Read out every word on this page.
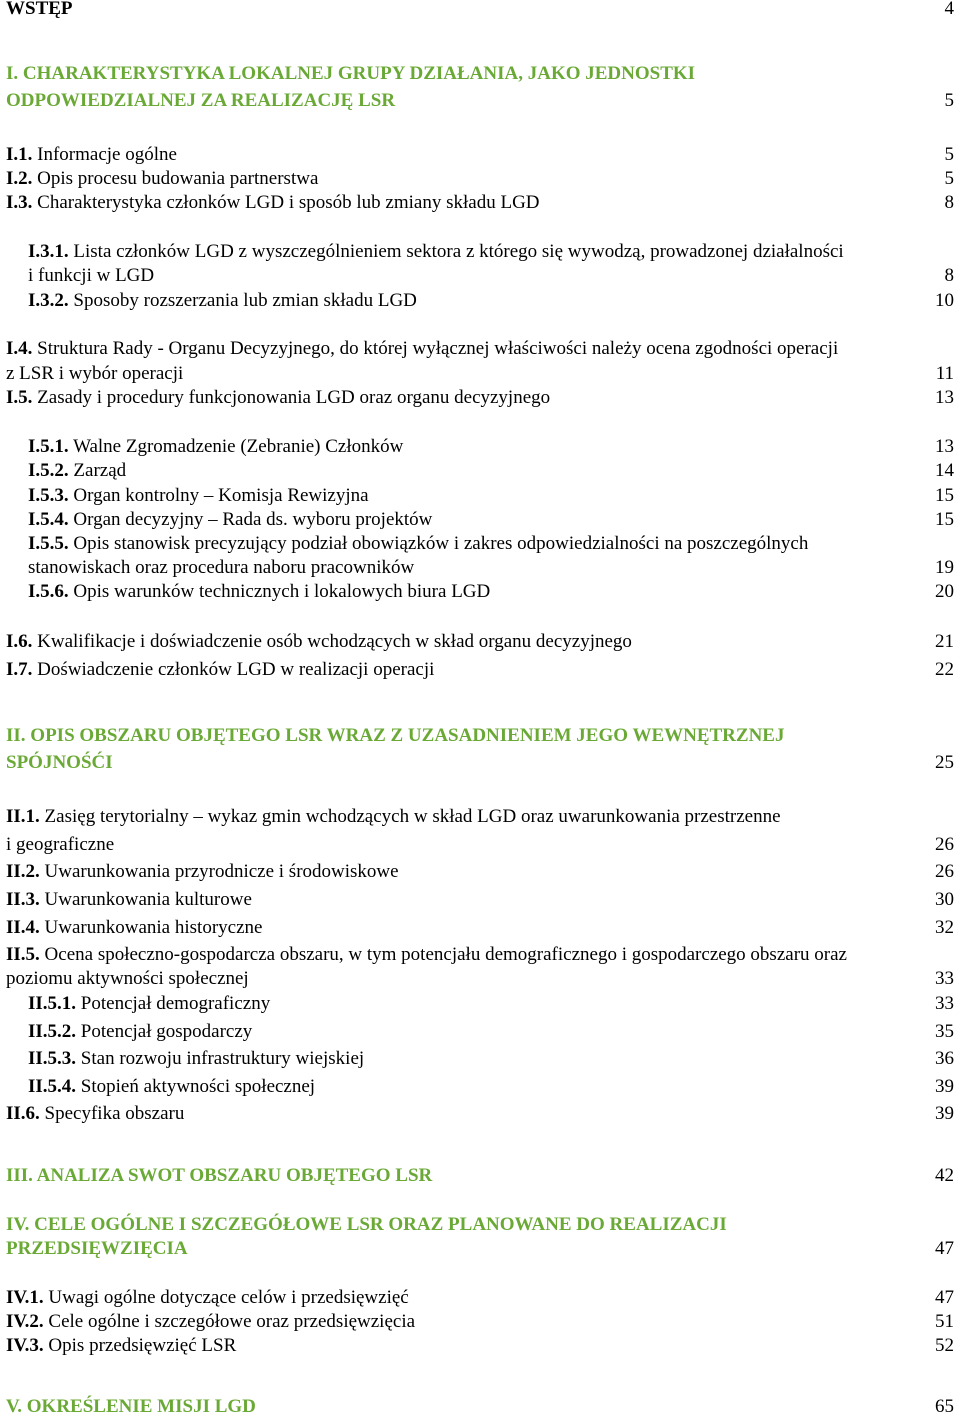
WSTĘP	4
I. CHARAKTERYSTYKA LOKALNEJ GRUPY DZIAŁANIA, JAKO JEDNOSTKI
ODPOWIEDZIALNEJ ZA REALIZACJĘ LSR	5
I.1. Informacje ogólne	5
I.2. Opis procesu budowania partnerstwa	5
I.3. Charakterystyka członków LGD i sposób lub zmiany składu LGD	8
I.3.1. Lista członków LGD z wyszczególnieniem sektora z którego się wywodzą, prowadzonej działalności
i funkcji w LGD	8
I.3.2. Sposoby rozszerzania lub zmian składu LGD	10
I.4. Struktura Rady - Organu Decyzyjnego, do której wyłącznej właściwości należy ocena zgodności operacji
z LSR i wybór operacji	11
I.5. Zasady i procedury funkcjonowania LGD oraz organu decyzyjnego	13
I.5.1. Walne Zgromadzenie (Zebranie) Członków	13
I.5.2. Zarząd	14
I.5.3. Organ kontrolny – Komisja Rewizyjna	15
I.5.4. Organ decyzyjny – Rada ds. wyboru projektów	15
I.5.5. Opis stanowisk precyzujący podział obowiązków i zakres odpowiedzialności na poszczególnych
stanowiskach oraz procedura naboru pracowników	19
I.5.6. Opis warunków technicznych i lokalowych biura LGD	20
I.6. Kwalifikacje i doświadczenie osób wchodzących w skład organu decyzyjnego	21
I.7. Doświadczenie członków LGD w realizacji operacji	22
II. OPIS OBSZARU OBJĘTEGO LSR WRAZ Z UZASADNIENIEM JEGO WEWNĘTRZNEJ
SPÓJNOŚĆI	25
II.1. Zasięg terytorialny – wykaz gmin wchodzących w skład LGD oraz uwarunkowania przestrzenne
i geograficzne	26
II.2. Uwarunkowania przyrodnicze i środowiskowe	26
II.3. Uwarunkowania kulturowe	30
II.4. Uwarunkowania historyczne	32
II.5. Ocena społeczno-gospodarcza obszaru, w tym potencjału demograficznego i gospodarczego obszaru oraz
poziomu aktywności społecznej	33
II.5.1. Potencjał demograficzny	33
II.5.2. Potencjał gospodarczy	35
II.5.3. Stan rozwoju infrastruktury wiejskiej	36
II.5.4. Stopień aktywności społecznej	39
II.6. Specyfika obszaru	39
III. ANALIZA SWOT OBSZARU OBJĘTEGO LSR	42
IV. CELE OGÓLNE I SZCZEGÓŁOWE LSR ORAZ PLANOWANE DO REALIZACJI
PRZEDSIĘWZIĘCIA	47
IV.1. Uwagi ogólne dotyczące celów i przedsięwzięć	47
IV.2. Cele ogólne i szczegółowe oraz przedsięwzięcia	51
IV.3. Opis przedsięwzięć LSR	52
V. OKREŚLENIE MISJI LGD	65
